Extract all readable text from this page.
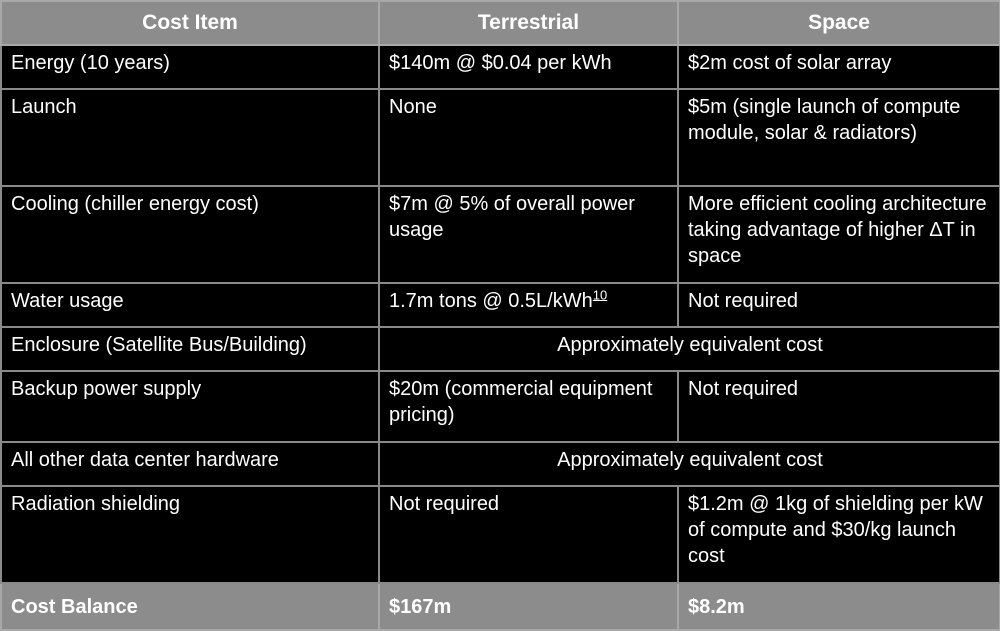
Cost Item	Terrestrial	Space
Energy (10 years)	$140m @ $0.04 per kWh	$2m cost of solar array
Launch	None	$5m (single launch of compute module, solar & radiators)
Cooling (chiller energy cost)	$7m @ 5% of overall power usage	More efficient cooling architecture taking advantage of higher ΔT in space
Water usage	1.7m tons @ 0.5L/kWh$^{10}$	Not required
Enclosure (Satellite Bus/Building)	Approximately equivalent cost	
Backup power supply	$20m (commercial equipment pricing)	Not required
All other data center hardware	Approximately equivalent cost	
Radiation shielding	Not required	$1.2m @ 1kg of shielding per kW of compute and $30/kg launch cost
Cost Balance	$167m	$8.2m
